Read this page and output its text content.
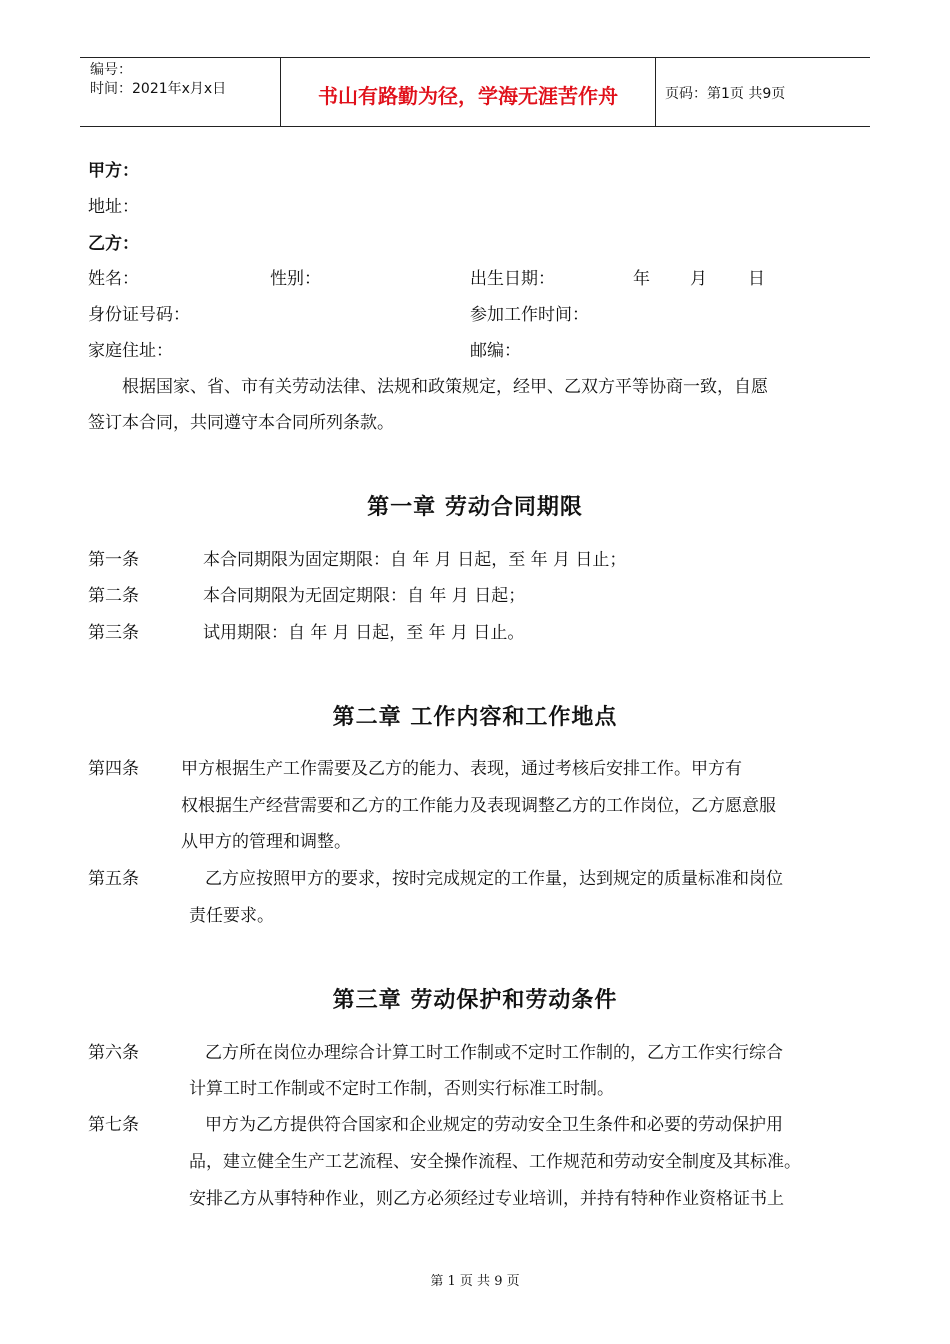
编号：
时间：2021年x月x日	书山有路勤为径，学海无涯苦作舟	页码：第1页 共9页
甲方：
地址：
乙方：
姓名：	性别：	出生日期：	年 月 日
身份证号码：	参加工作时间：
家庭住址：	邮编：
根据国家、省、市有关劳动法律、法规和政策规定，经甲、乙双方平等协商一致，自愿
签订本合同，共同遵守本合同所列条款。
第一章 劳动合同期限
第一条	本合同期限为固定期限：自 年 月 日起，至 年 月 日止；
第二条	本合同期限为无固定期限：自 年 月 日起；
第三条	试用期限：自 年 月 日起，至 年 月 日止。
第二章 工作内容和工作地点
第四条 甲方根据生产工作需要及乙方的能力、表现，通过考核后安排工作。甲方有
权根据生产经营需要和乙方的工作能力及表现调整乙方的工作岗位，乙方愿意服
从甲方的管理和调整。
第五条	乙方应按照甲方的要求，按时完成规定的工作量，达到规定的质量标准和岗位
责任要求。
第三章 劳动保护和劳动条件
第六条	乙方所在岗位办理综合计算工时工作制或不定时工作制的，乙方工作实行综合
计算工时工作制或不定时工作制，否则实行标准工时制。
第七条	甲方为乙方提供符合国家和企业规定的劳动安全卫生条件和必要的劳动保护用
品，建立健全生产工艺流程、安全操作流程、工作规范和劳动安全制度及其标准。
安排乙方从事特种作业，则乙方必须经过专业培训，并持有特种作业资格证书上
第 1 页 共 9 页
